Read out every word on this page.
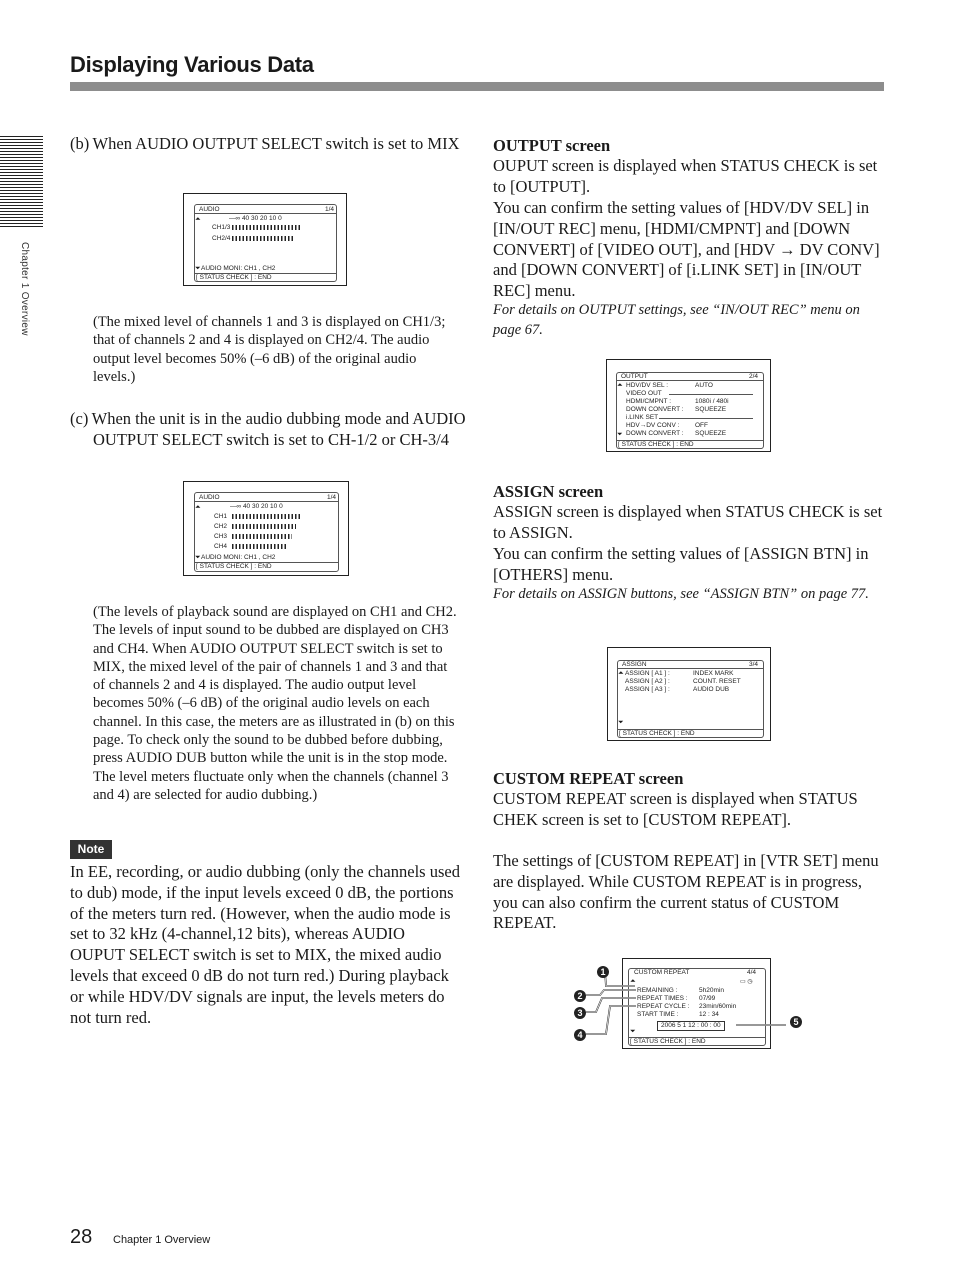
Displaying Various Data
Chapter 1 Overview

(b) When AUDIO OUTPUT SELECT switch is set to MIX

AUDIO	1/4
⏶	—∞ 40 30 20 10 0
CH1/3
CH2/4
⏷ AUDIO MONI: CH1 , CH2
[ STATUS CHECK ] : END

(The mixed level of channels 1 and 3 is displayed on CH1/3; that of channels 2 and 4 is displayed on CH2/4. The audio output level becomes 50% (–6 dB) of the original audio levels.)

(c) When the unit is in the audio dubbing mode and AUDIO OUTPUT SELECT switch is set to CH-1/2 or CH-3/4

AUDIO	1/4
⏶	—∞ 40 30 20 10 0
CH1
CH2
CH3
CH4
⏷ AUDIO MONI: CH1 , CH2
[ STATUS CHECK ] : END

(The levels of playback sound are displayed on CH1 and CH2. The levels of input sound to be dubbed are displayed on CH3 and CH4. When AUDIO OUTPUT SELECT switch is set to MIX, the mixed level of the pair of channels 1 and 3 and that of channels 2 and 4 is displayed. The audio output level becomes 50% (–6 dB) of the original audio levels on each channel. In this case, the meters are as illustrated in (b) on this page. To check only the sound to be dubbed before dubbing, press AUDIO DUB button while the unit is in the stop mode. The level meters fluctuate only when the channels (channel 3 and 4) are selected for audio dubbing.)

Note

In EE, recording, or audio dubbing (only the channels used to dub) mode, if the input levels exceed 0 dB, the portions of the meters turn red. (However, when the audio mode is set to 32 kHz (4-channel,12 bits), whereas AUDIO OUPUT SELECT switch is set to MIX, the mixed audio levels that exceed 0 dB do not turn red.) During playback or while HDV/DV signals are input, the levels meters do not turn red.

OUTPUT screen

OUPUT screen is displayed when STATUS CHECK is set to [OUTPUT].

You can confirm the setting values of [HDV/DV SEL] in [IN/OUT REC] menu, [HDMI/CMPNT] and [DOWN CONVERT] of [VIDEO OUT], and [HDV → DV CONV] and [DOWN CONVERT] of [i.LINK SET] in [IN/OUT REC] menu.

For details on OUTPUT settings, see “IN/OUT REC” menu on page 67.

OUTPUT	2/4
⏶ HDV/DV SEL :	AUTO
VIDEO OUT
HDMI/CMPNT :	1080i / 480i
DOWN CONVERT : SQUEEZE
i.LINK SET
HDV→DV CONV : OFF
⏷ DOWN CONVERT : SQUEEZE
[ STATUS CHECK ] : END

ASSIGN screen

ASSIGN screen is displayed when STATUS CHECK is set to ASSIGN.

You can confirm the setting values of [ASSIGN BTN] in [OTHERS] menu.

For details on ASSIGN buttons, see “ASSIGN BTN” on page 77.

ASSIGN	3/4
⏶ ASSIGN [ A1 ] :	INDEX MARK
ASSIGN [ A2 ] :	COUNT. RESET
ASSIGN [ A3 ] :	AUDIO DUB
⏷
[ STATUS CHECK ] : END

CUSTOM REPEAT screen

CUSTOM REPEAT screen is displayed when STATUS CHEK screen is set to [CUSTOM REPEAT].

The settings of [CUSTOM REPEAT] in [VTR SET] menu are displayed. While CUSTOM REPEAT is in progress, you can also confirm the current status of CUSTOM REPEAT.

CUSTOM REPEAT	4/4
▭ ◷
⏶
REMAINING :	5h20min
REPEAT TIMES : 07/99
REPEAT CYCLE : 23min/60min
START TIME :	12 : 34
2006 5 1 12 : 00 : 00
⏷
[ STATUS CHECK ] : END
1
2
3
4
5
28 Chapter 1 Overview
